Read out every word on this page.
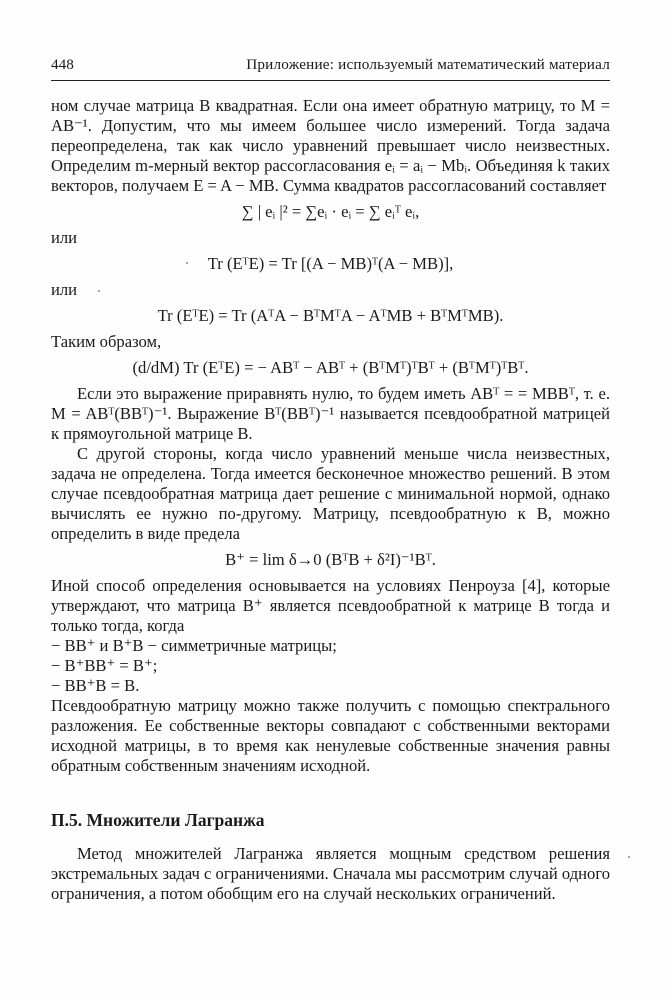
448	Приложение: используемый математический материал

ном случае матрица B квадратная. Если она имеет обратную матрицу, то M = AB⁻¹. Допустим, что мы имеем большее число измерений. Тогда задача переопределена, так как число уравнений превышает число неизвестных. Определим m-мерный вектор рассогласования eᵢ = aᵢ − Mbᵢ. Объединяя k таких векторов, получаем E = A − MB. Сумма квадратов рассогласований составляет

∑ | eᵢ |² = ∑eᵢ · eᵢ = ∑ eᵢᵀ eᵢ,

или

Tr (EᵀE) = Tr [(A − MB)ᵀ(A − MB)],

или

Tr (EᵀE) = Tr (AᵀA − BᵀMᵀA − AᵀMB + BᵀMᵀMB).

Таким образом,

(d/dM) Tr (EᵀE) = − ABᵀ − ABᵀ + (BᵀMᵀ)ᵀBᵀ + (BᵀMᵀ)ᵀBᵀ.

Если это выражение приравнять нулю, то будем иметь ABᵀ = = MBBᵀ, т. е. M = ABᵀ(BBᵀ)⁻¹. Выражение Bᵀ(BBᵀ)⁻¹ называется псевдообратной матрицей к прямоугольной матрице B.

С другой стороны, когда число уравнений меньше числа неизвестных, задача не определена. Тогда имеется бесконечное множество решений. В этом случае псевдообратная матрица дает решение с минимальной нормой, однако вычислять ее нужно по-другому. Матрицу, псевдообратную к B, можно определить в виде предела

B⁺ = lim δ→0 (BᵀB + δ²I)⁻¹Bᵀ.

Иной способ определения основывается на условиях Пенроуза [4], которые утверждают, что матрица B⁺ является псевдообратной к матрице B тогда и только тогда, когда

− BB⁺ и B⁺B − симметричные матрицы;

− B⁺BB⁺ = B⁺;

− BB⁺B = B.

Псевдообратную матрицу можно также получить с помощью спектрального разложения. Ее собственные векторы совпадают с собственными векторами исходной матрицы, в то время как ненулевые собственные значения равны обратным собственным значениям исходной.

П.5. Множители Лагранжа

Метод множителей Лагранжа является мощным средством решения экстремальных задач с ограничениями. Сначала мы рассмотрим случай одного ограничения, а потом обобщим его на случай нескольких ограничений.
